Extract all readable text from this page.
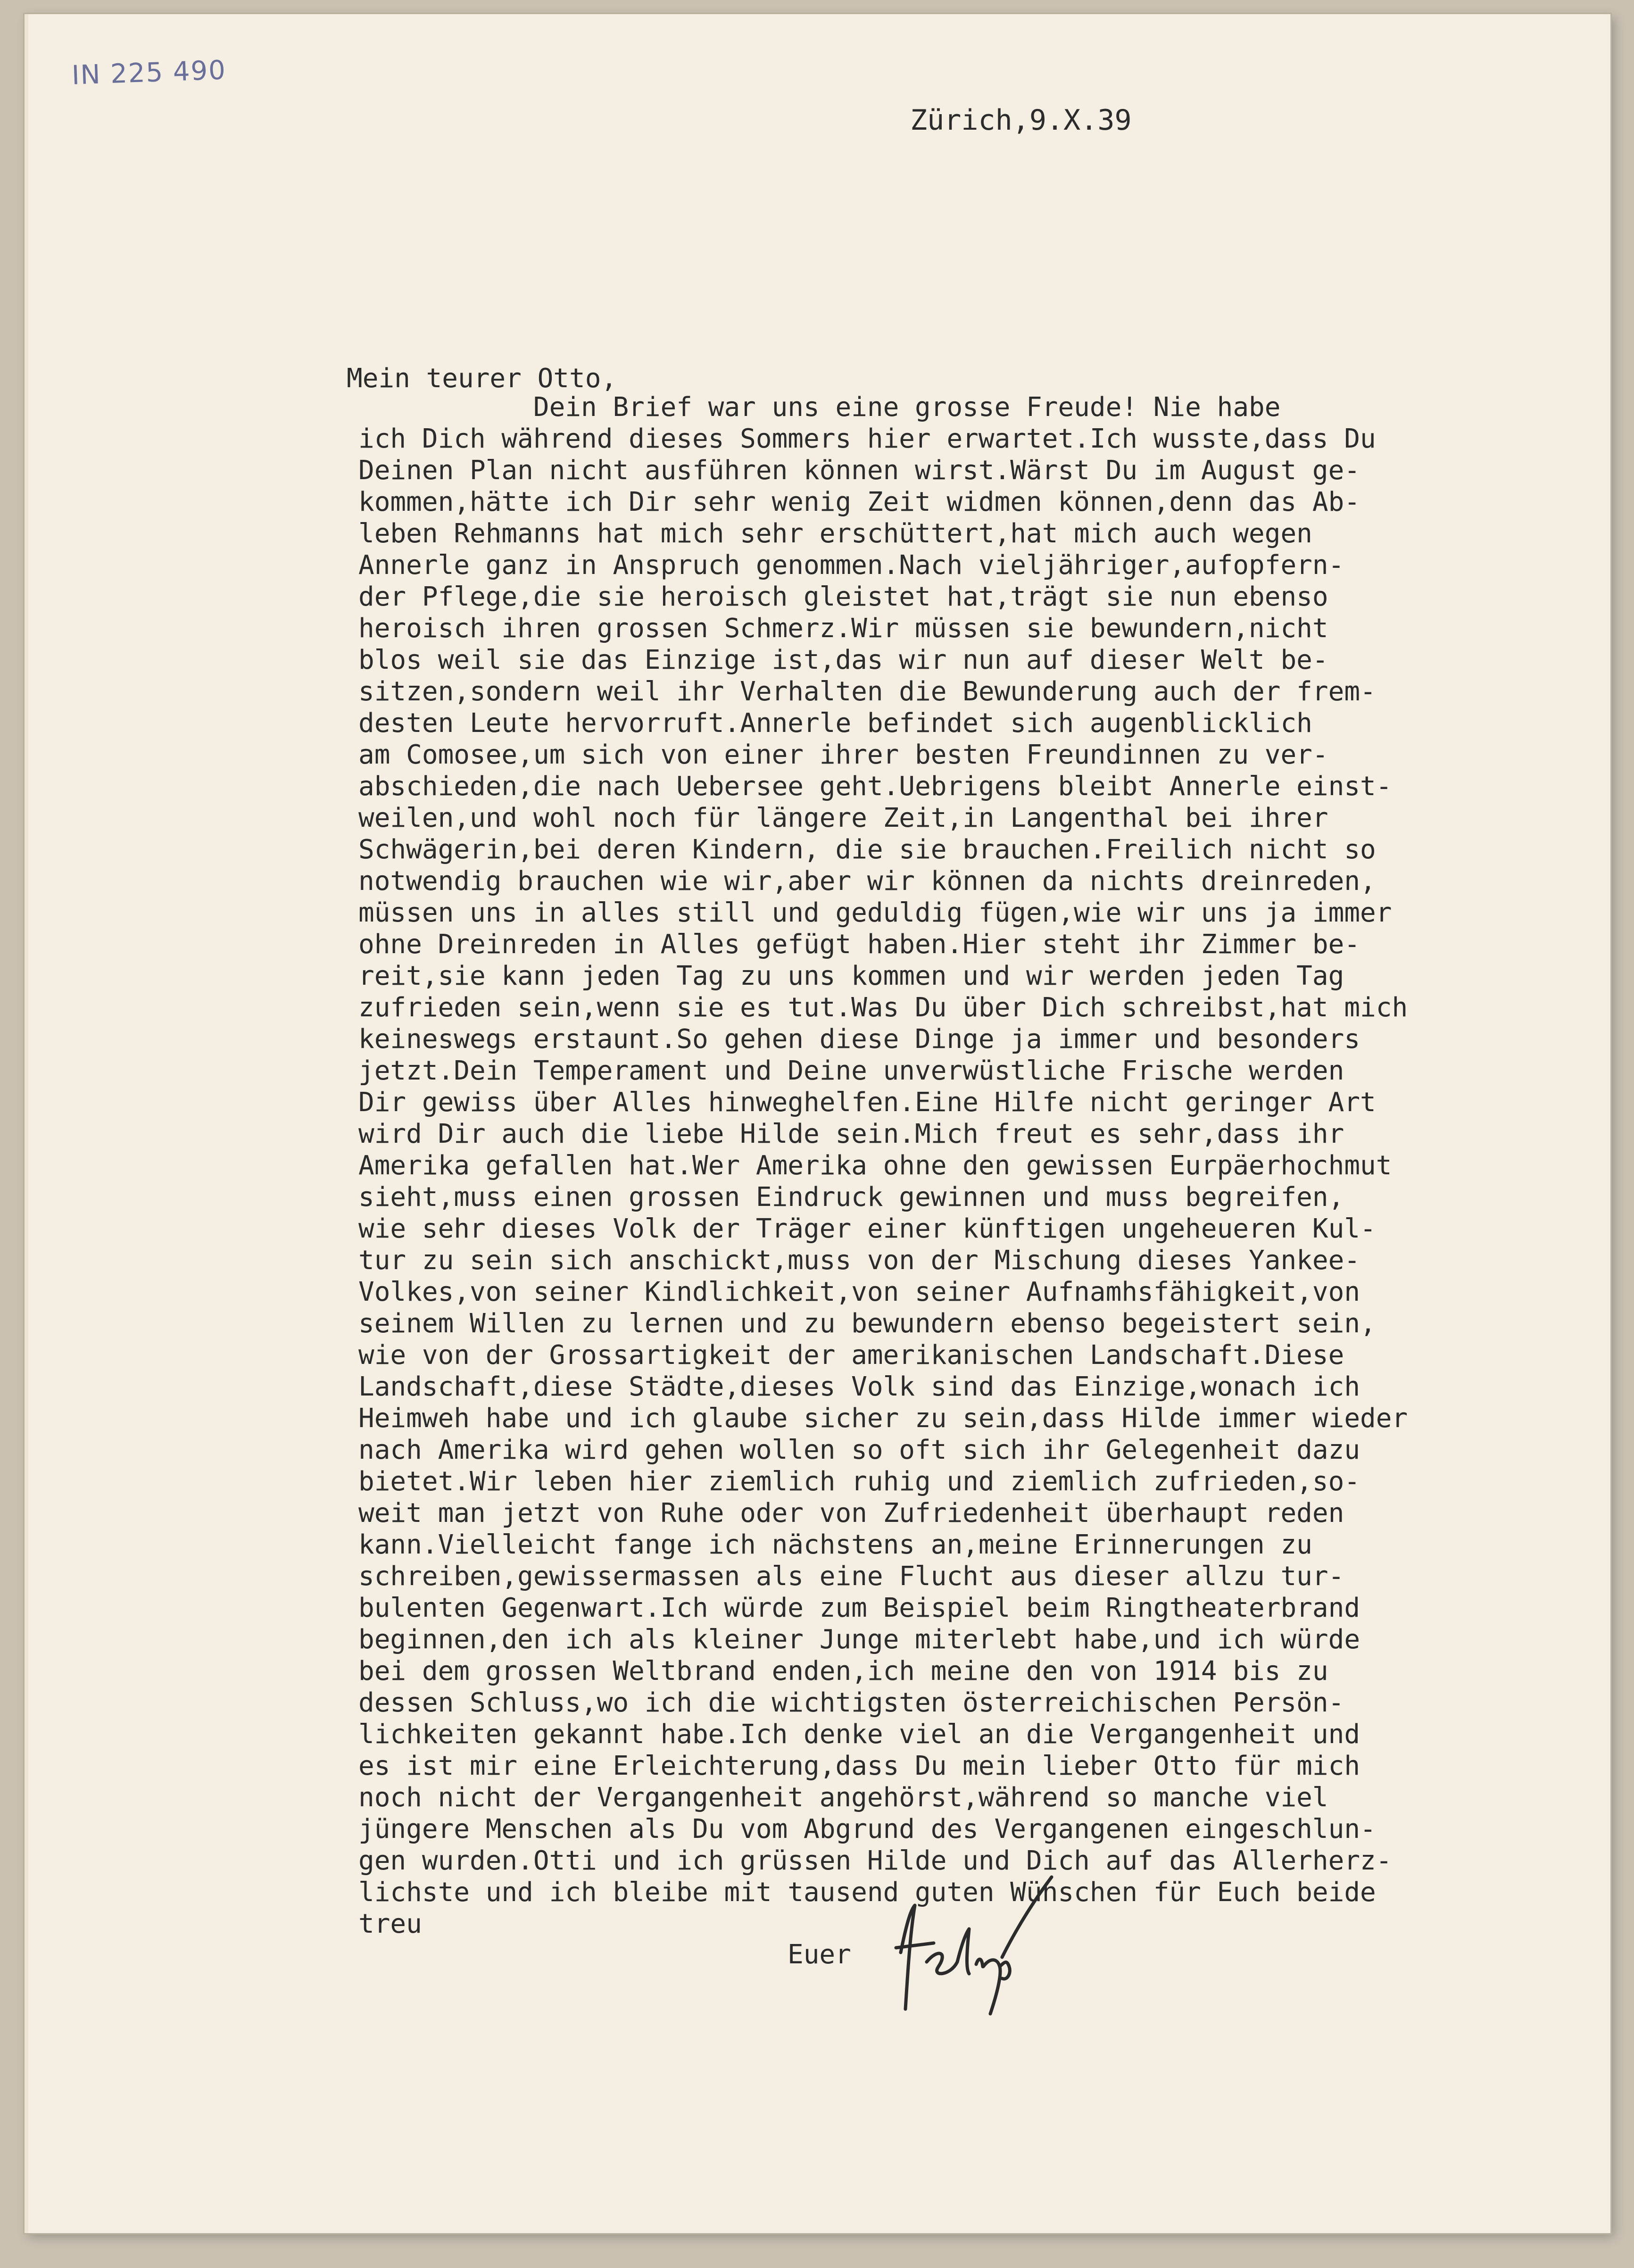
IN 225 490
Zürich,9.X.39
Mein teurer Otto,
Dein Brief war uns eine grosse Freude! Nie habe
ich Dich während dieses Sommers hier erwartet.Ich wusste,dass Du
Deinen Plan nicht ausführen können wirst.Wärst Du im August ge-
kommen,hätte ich Dir sehr wenig Zeit widmen können,denn das Ab-
leben Rehmanns hat mich sehr erschüttert,hat mich auch wegen
Annerle ganz in Anspruch genommen.Nach vieljähriger,aufopfern-
der Pflege,die sie heroisch gleistet hat,trägt sie nun ebenso
heroisch ihren grossen Schmerz.Wir müssen sie bewundern,nicht
blos weil sie das Einzige ist,das wir nun auf dieser Welt be-
sitzen,sondern weil ihr Verhalten die Bewunderung auch der frem-
desten Leute hervorruft.Annerle befindet sich augenblicklich
am Comosee,um sich von einer ihrer besten Freundinnen zu ver-
abschieden,die nach Uebersee geht.Uebrigens bleibt Annerle einst-
weilen,und wohl noch für längere Zeit,in Langenthal bei ihrer
Schwägerin,bei deren Kindern, die sie brauchen.Freilich nicht so
notwendig brauchen wie wir,aber wir können da nichts dreinreden,
müssen uns in alles still und geduldig fügen,wie wir uns ja immer
ohne Dreinreden in Alles gefügt haben.Hier steht ihr Zimmer be-
reit,sie kann jeden Tag zu uns kommen und wir werden jeden Tag
zufrieden sein,wenn sie es tut.Was Du über Dich schreibst,hat mich
keineswegs erstaunt.So gehen diese Dinge ja immer und besonders
jetzt.Dein Temperament und Deine unverwüstliche Frische werden
Dir gewiss über Alles hinweghelfen.Eine Hilfe nicht geringer Art
wird Dir auch die liebe Hilde sein.Mich freut es sehr,dass ihr
Amerika gefallen hat.Wer Amerika ohne den gewissen Eurpäerhochmut
sieht,muss einen grossen Eindruck gewinnen und muss begreifen,
wie sehr dieses Volk der Träger einer künftigen ungeheueren Kul-
tur zu sein sich anschickt,muss von der Mischung dieses Yankee-
Volkes,von seiner Kindlichkeit,von seiner Aufnamhsfähigkeit,von
seinem Willen zu lernen und zu bewundern ebenso begeistert sein,
wie von der Grossartigkeit der amerikanischen Landschaft.Diese
Landschaft,diese Städte,dieses Volk sind das Einzige,wonach ich
Heimweh habe und ich glaube sicher zu sein,dass Hilde immer wieder
nach Amerika wird gehen wollen so oft sich ihr Gelegenheit dazu
bietet.Wir leben hier ziemlich ruhig und ziemlich zufrieden,so-
weit man jetzt von Ruhe oder von Zufriedenheit überhaupt reden
kann.Vielleicht fange ich nächstens an,meine Erinnerungen zu
schreiben,gewissermassen als eine Flucht aus dieser allzu tur-
bulenten Gegenwart.Ich würde zum Beispiel beim Ringtheaterbrand
beginnen,den ich als kleiner Junge miterlebt habe,und ich würde
bei dem grossen Weltbrand enden,ich meine den von 1914 bis zu
dessen Schluss,wo ich die wichtigsten österreichischen Persön-
lichkeiten gekannt habe.Ich denke viel an die Vergangenheit und
es ist mir eine Erleichterung,dass Du mein lieber Otto für mich
noch nicht der Vergangenheit angehörst,während so manche viel
jüngere Menschen als Du vom Abgrund des Vergangenen eingeschlun-
gen wurden.Otti und ich grüssen Hilde und Dich auf das Allerherz-
lichste und ich bleibe mit tausend guten Wünschen für Euch beide
treu
Euer
